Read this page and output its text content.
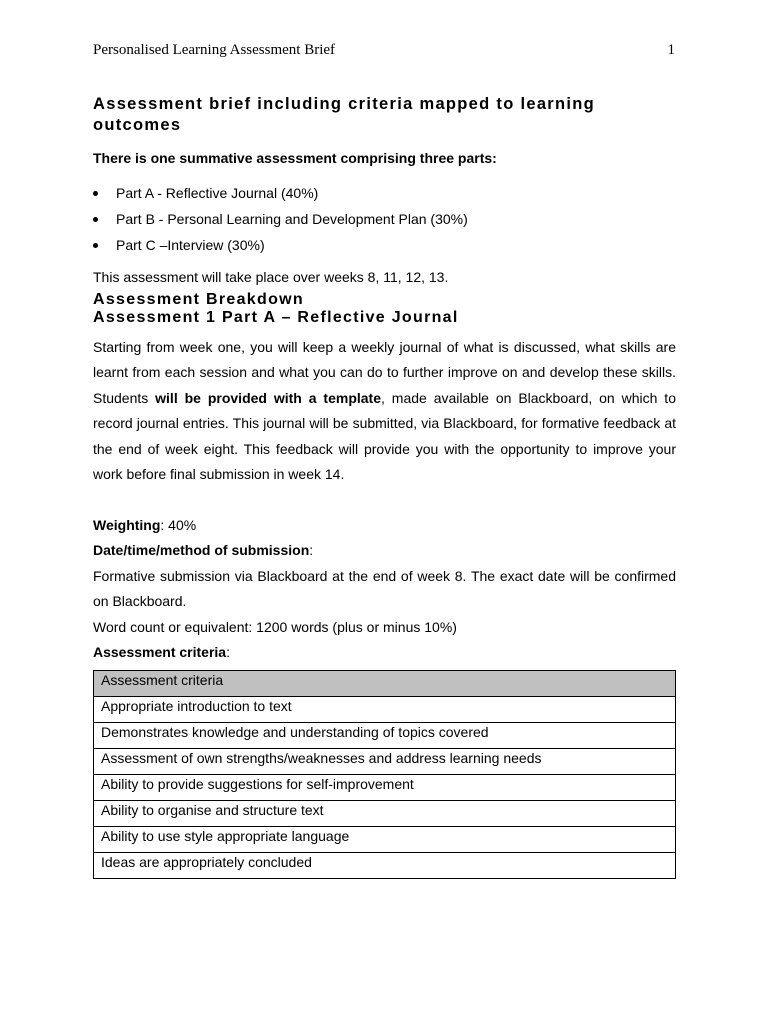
Personalised Learning Assessment Brief	1
Assessment brief including criteria mapped to learning outcomes
There is one summative assessment comprising three parts:
Part A - Reflective Journal (40%)
Part B - Personal Learning and Development Plan (30%)
Part C –Interview (30%)
This assessment will take place over weeks 8, 11, 12, 13.
Assessment Breakdown
Assessment 1 Part A – Reflective Journal
Starting from week one, you will keep a weekly journal of what is discussed, what skills are learnt from each session and what you can do to further improve on and develop these skills. Students will be provided with a template, made available on Blackboard, on which to record journal entries. This journal will be submitted, via Blackboard, for formative feedback at the end of week eight. This feedback will provide you with the opportunity to improve your work before final submission in week 14.
Weighting: 40%
Date/time/method of submission:
Formative submission via Blackboard at the end of week 8. The exact date will be confirmed on Blackboard.
Word count or equivalent: 1200 words (plus or minus 10%)
Assessment criteria:
Assessment criteria
Appropriate introduction to text
Demonstrates knowledge and understanding of topics covered
Assessment of own strengths/weaknesses and address learning needs
Ability to provide suggestions for self-improvement
Ability to organise and structure text
Ability to use style appropriate language
Ideas are appropriately concluded
